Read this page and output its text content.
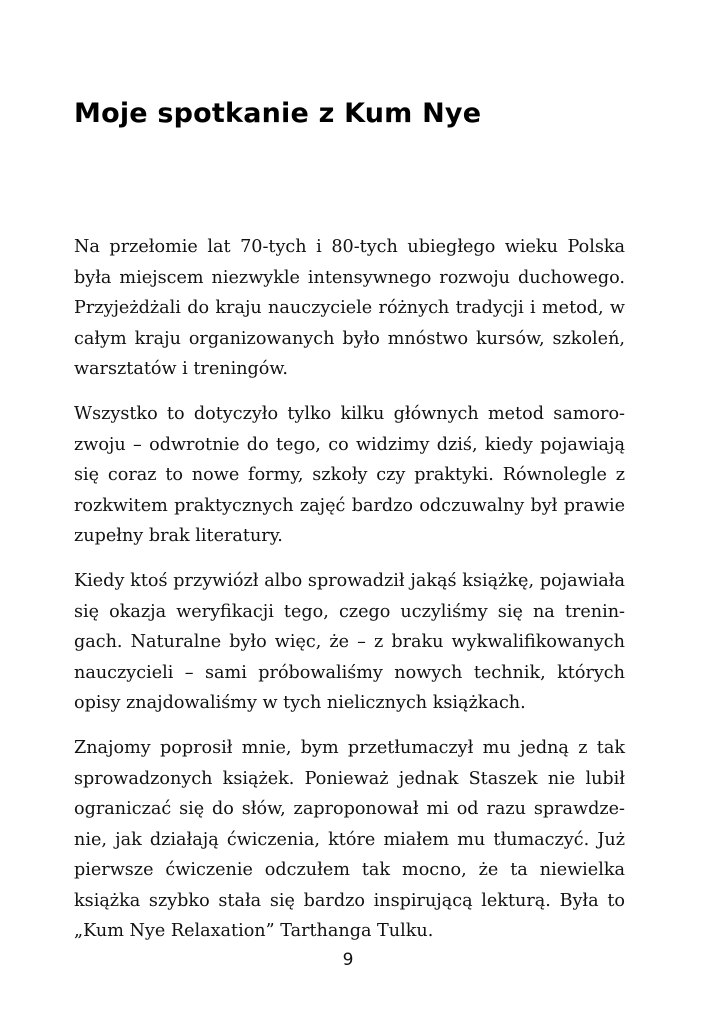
Moje spotkanie z Kum Nye

Na przełomie lat 70-tych i 80-tych ubiegłego wieku Polska była miejscem niezwykle intensywnego rozwoju duchowego. Przyjeżdżali do kraju nauczyciele różnych tradycji i metod, w całym kraju organizowanych było mnóstwo kursów, szkoleń, warsztatów i treningów.

Wszystko to dotyczyło tylko kilku głównych metod samorozwoju – odwrotnie do tego, co widzimy dziś, kiedy pojawiają się coraz to nowe formy, szkoły czy praktyki. Równolegle z rozkwitem praktycznych zajęć bardzo odczuwalny był prawie zupełny brak literatury.

Kiedy ktoś przywiózł albo sprowadził jakąś książkę, pojawiała się okazja weryfikacji tego, czego uczyliśmy się na treningach. Naturalne było więc, że – z braku wykwalifikowanych nauczycieli – sami próbowaliśmy nowych technik, których opisy znajdowaliśmy w tych nielicznych książkach.

Znajomy poprosił mnie, bym przetłumaczył mu jedną z tak sprowadzonych książek. Ponieważ jednak Staszek nie lubił ograniczać się do słów, zaproponował mi od razu sprawdzenie, jak działają ćwiczenia, które miałem mu tłumaczyć. Już pierwsze ćwiczenie odczułem tak mocno, że ta niewielka książka szybko stała się bardzo inspirującą lekturą. Była to „Kum Nye Relaxation” Tarthanga Tulku.

9
